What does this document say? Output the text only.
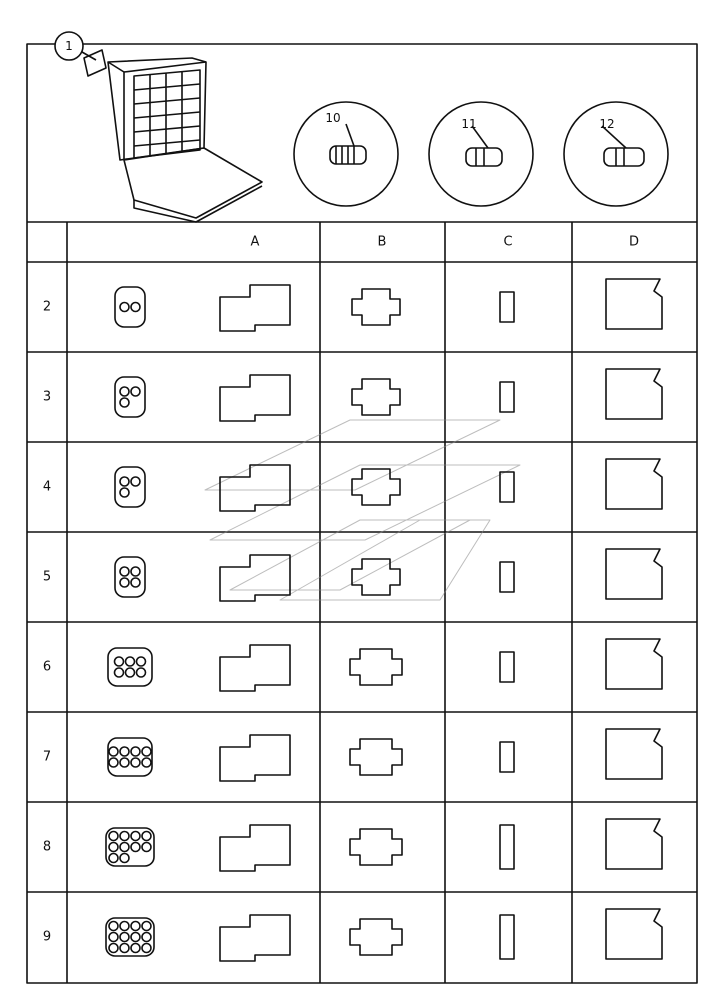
1
10	11	12
A	B	C	D
2
3
4
5
6
7
8
9
